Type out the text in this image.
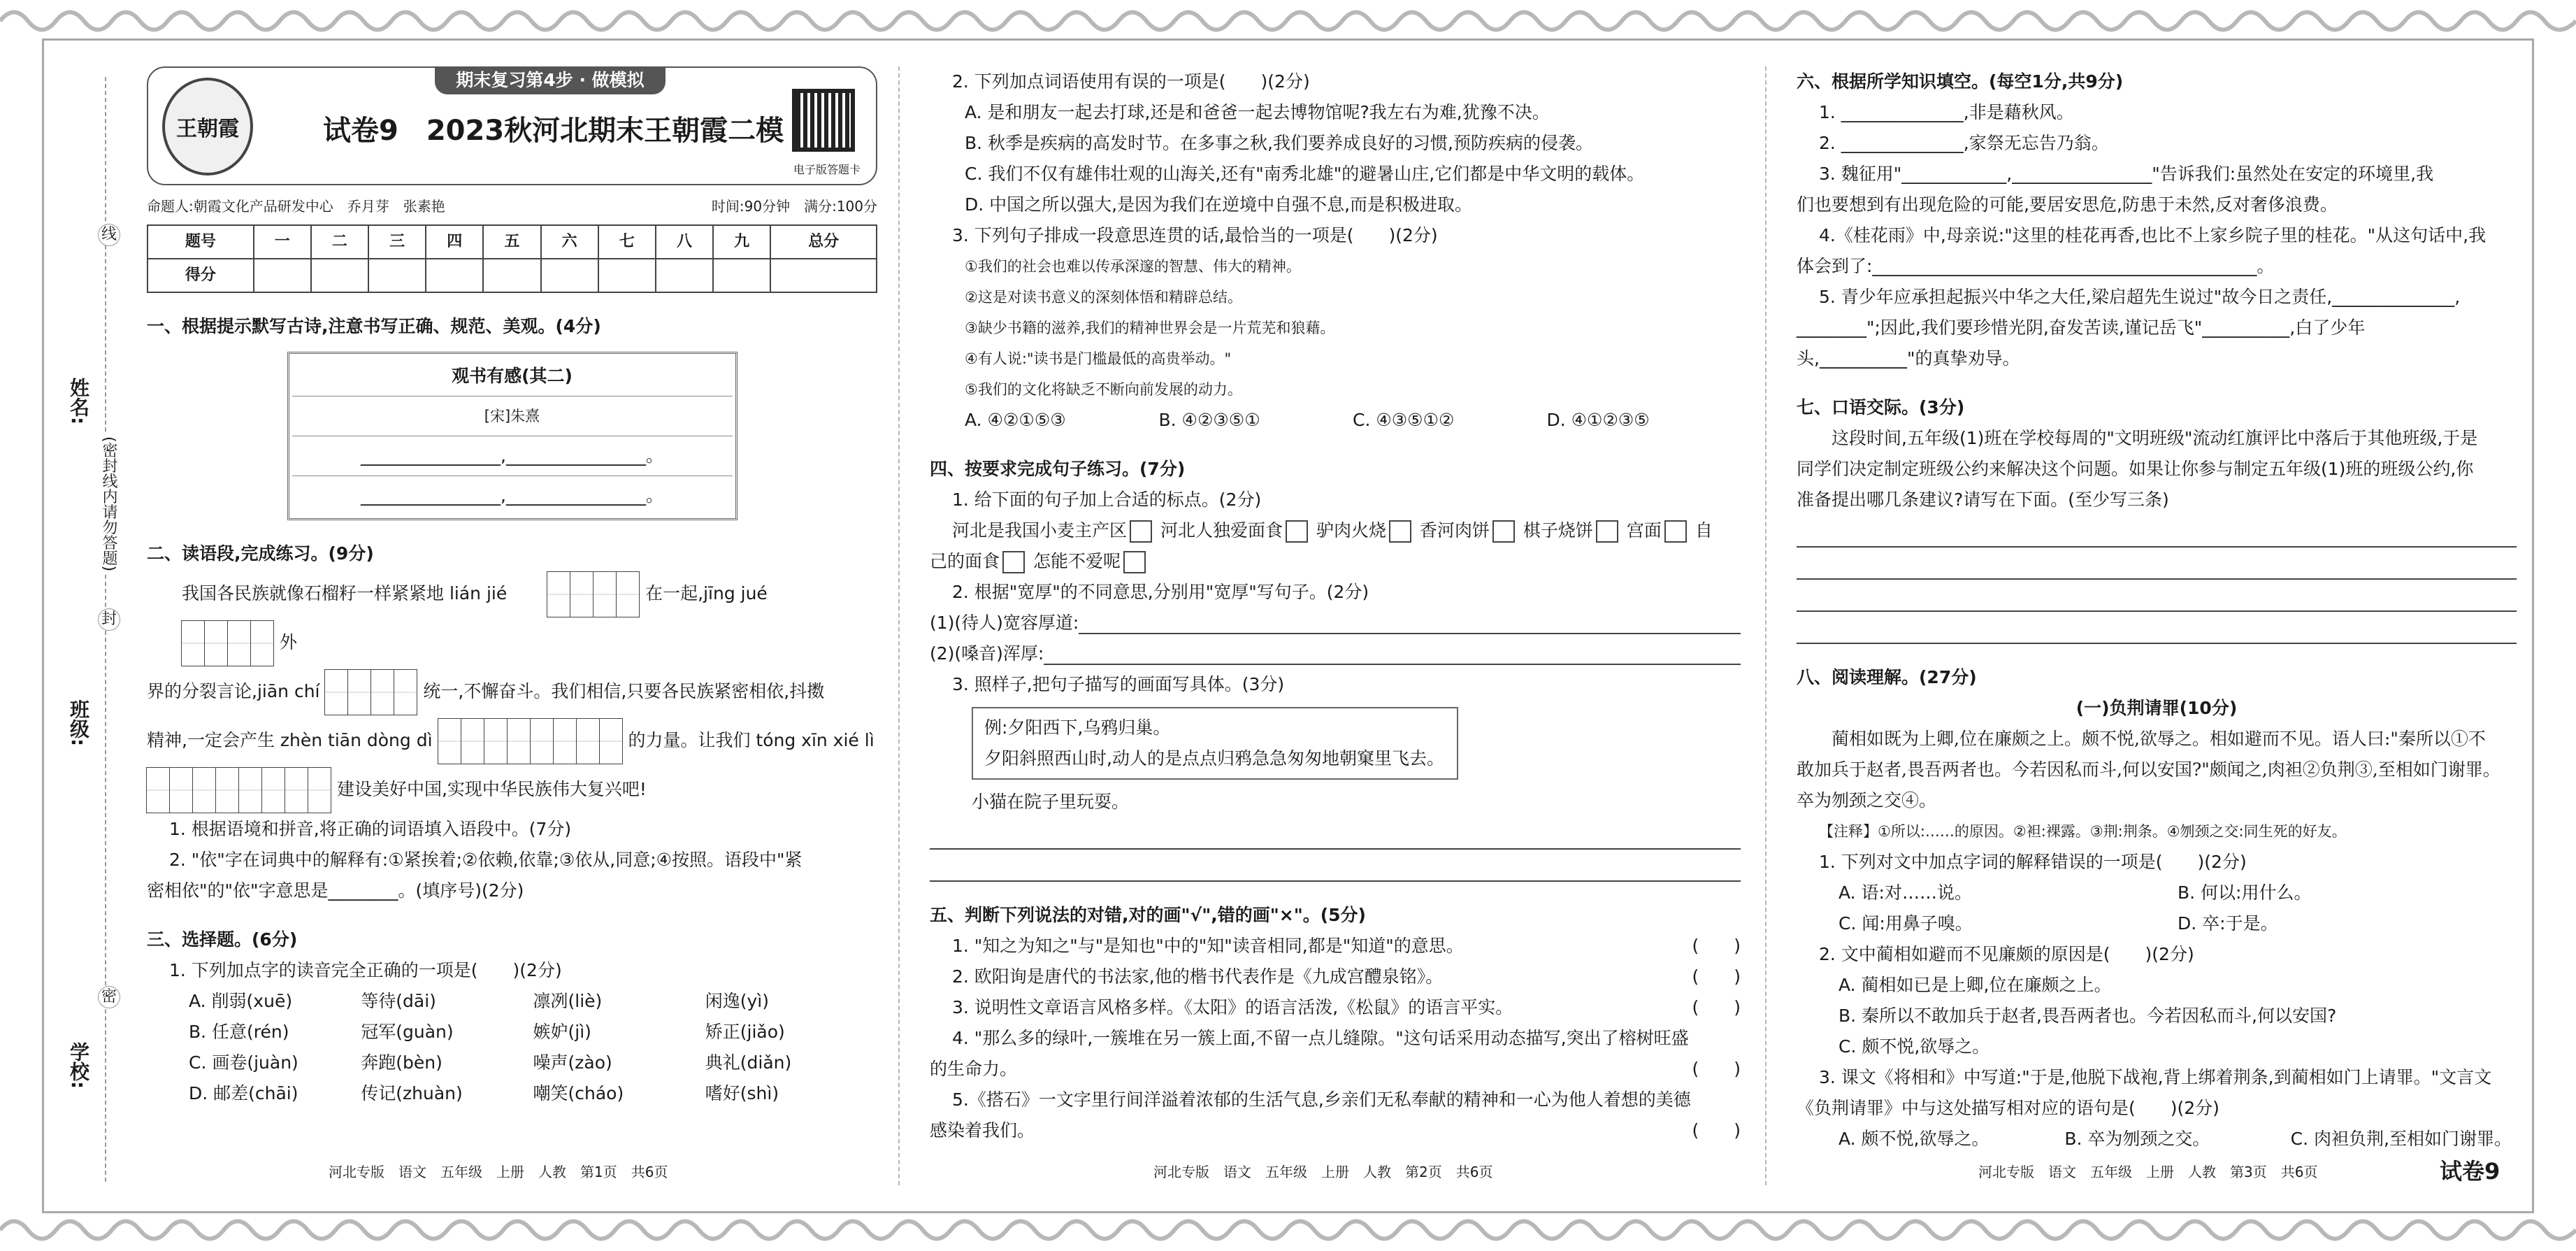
线
封
密
姓名:
(密封线内请勿答题)
班级:
学校:
王朝霞
期末复习第4步 · 做模拟
试卷9　2023秋河北期末王朝霞二模
电子版答题卡
命题人:朝霞文化产品研发中心　乔月芽　张素艳	时间:90分钟　满分:100分
题号	一	二	三	四	五	六	七	八	九	总分
得分										

一、根据提示默写古诗,注意书写正确、规范、美观。(4分)

观书有感(其二)
[宋]朱熹
________________,________________。
________________,________________。

二、读语段,完成练习。(9分)

我国各民族就像石榴籽一样紧紧地 lián jié	在一起,jīng jué  外

界的分裂言论,jiān chí	统一,不懈奋斗。我们相信,只要各民族紧密相依,抖擞

精神,一定会产生 zhèn tiān dòng dì	的力量。让我们 tóng xīn xié lì

建设美好中国,实现中华民族伟大复兴吧!

1. 根据语境和拼音,将正确的词语填入语段中。(7分)

2. "依"字在词典中的解释有:①紧挨着;②依赖,依靠;③依从,同意;④按照。语段中"紧

密相依"的"依"字意思是________。(填序号)(2分)

三、选择题。(6分)

1. 下列加点字的读音完全正确的一项是(　　)(2分)

A. 削弱(xuē)	等待(dāi)	凛冽(liè)	闲逸(yì)
B. 任意(rén)	冠军(guàn)	嫉妒(jì)	矫正(jiǎo)
C. 画卷(juàn)	奔跑(bèn)	噪声(zào)	典礼(diǎn)
D. 邮差(chāi)	传记(zhuàn)	嘲笑(cháo)	嗜好(shì)

2. 下列加点词语使用有误的一项是(　　)(2分)

A. 是和朋友一起去打球,还是和爸爸一起去博物馆呢?我左右为难,犹豫不决。

B. 秋季是疾病的高发时节。在多事之秋,我们要养成良好的习惯,预防疾病的侵袭。

C. 我们不仅有雄伟壮观的山海关,还有"南秀北雄"的避暑山庄,它们都是中华文明的载体。

D. 中国之所以强大,是因为我们在逆境中自强不息,而是积极进取。

3. 下列句子排成一段意思连贯的话,最恰当的一项是(　　)(2分)

①我们的社会也难以传承深邃的智慧、伟大的精神。

②这是对读书意义的深刻体悟和精辟总结。

③缺少书籍的滋养,我们的精神世界会是一片荒芜和狼藉。

④有人说:"读书是门槛最低的高贵举动。"

⑤我们的文化将缺乏不断向前发展的动力。

A. ④②①⑤③	B. ④②③⑤①	C. ④③⑤①②	D. ④①②③⑤

四、按要求完成句子练习。(7分)

1. 给下面的句子加上合适的标点。(2分)

河北是我国小麦主产区 河北人独爱面食 驴肉火烧 香河肉饼 棋子烧饼 宫面 自

己的面食 怎能不爱呢

2. 根据"宽厚"的不同意思,分别用"宽厚"写句子。(2分)

(1)(待人)宽容厚道:

(2)(嗓音)浑厚:

3. 照样子,把句子描写的画面写具体。(3分)

例:夕阳西下,乌鸦归巢。

夕阳斜照西山时,动人的是点点归鸦急急匆匆地朝窠里飞去。

小猫在院子里玩耍。

五、判断下列说法的对错,对的画"√",错的画"×"。(5分)

1. "知之为知之"与"是知也"中的"知"读音相同,都是"知道"的意思。	(　　)

2. 欧阳询是唐代的书法家,他的楷书代表作是《九成宫醴泉铭》。	(　　)

3. 说明性文章语言风格多样。《太阳》的语言活泼,《松鼠》的语言平实。	(　　)

4. "那么多的绿叶,一簇堆在另一簇上面,不留一点儿缝隙。"这句话采用动态描写,突出了榕树旺盛

的生命力。	(　　)

5.《搭石》一文字里行间洋溢着浓郁的生活气息,乡亲们无私奉献的精神和一心为他人着想的美德

感染着我们。	(　　)

六、根据所学知识填空。(每空1分,共9分)

1. ______________,非是藉秋风。

2. ______________,家祭无忘告乃翁。

3. 魏征用"____________,________________"告诉我们:虽然处在安定的环境里,我

们也要想到有出现危险的可能,要居安思危,防患于未然,反对奢侈浪费。

4.《桂花雨》中,母亲说:"这里的桂花再香,也比不上家乡院子里的桂花。"从这句话中,我

体会到了:____________________________________________。

5. 青少年应承担起振兴中华之大任,梁启超先生说过"故今日之责任,______________,

________";因此,我们要珍惜光阴,奋发苦读,谨记岳飞"__________,白了少年

头,__________"的真挚劝导。

七、口语交际。(3分)

这段时间,五年级(1)班在学校每周的"文明班级"流动红旗评比中落后于其他班级,于是

同学们决定制定班级公约来解决这个问题。如果让你参与制定五年级(1)班的班级公约,你

准备提出哪几条建议?请写在下面。(至少写三条)

八、阅读理解。(27分)

(一)负荆请罪(10分)

蔺相如既为上卿,位在廉颇之上。颇不悦,欲辱之。相如避而不见。语人曰:"秦所以①不

敢加兵于赵者,畏吾两者也。今若因私而斗,何以安国?"颇闻之,肉袒②负荆③,至相如门谢罪。

卒为刎颈之交④。

【注释】①所以:……的原因。②袒:裸露。③荆:荆条。④刎颈之交:同生死的好友。

1. 下列对文中加点字词的解释错误的一项是(　　)(2分)

A. 语:对……说。	B. 何以:用什么。
C. 闻:用鼻子嗅。	D. 卒:于是。

2. 文中蔺相如避而不见廉颇的原因是(　　)(2分)

A. 蔺相如已是上卿,位在廉颇之上。

B. 秦所以不敢加兵于赵者,畏吾两者也。今若因私而斗,何以安国?

C. 颇不悦,欲辱之。

3. 课文《将相和》中写道:"于是,他脱下战袍,背上绑着荆条,到蔺相如门上请罪。"文言文

《负荆请罪》中与这处描写相对应的语句是(　　)(2分)

A. 颇不悦,欲辱之。	B. 卒为刎颈之交。	C. 肉袒负荆,至相如门谢罪。
河北专版　语文　五年级　上册　人教　第1页　共6页	河北专版　语文　五年级　上册　人教　第2页　共6页	河北专版　语文　五年级　上册　人教　第3页　共6页	试卷9
